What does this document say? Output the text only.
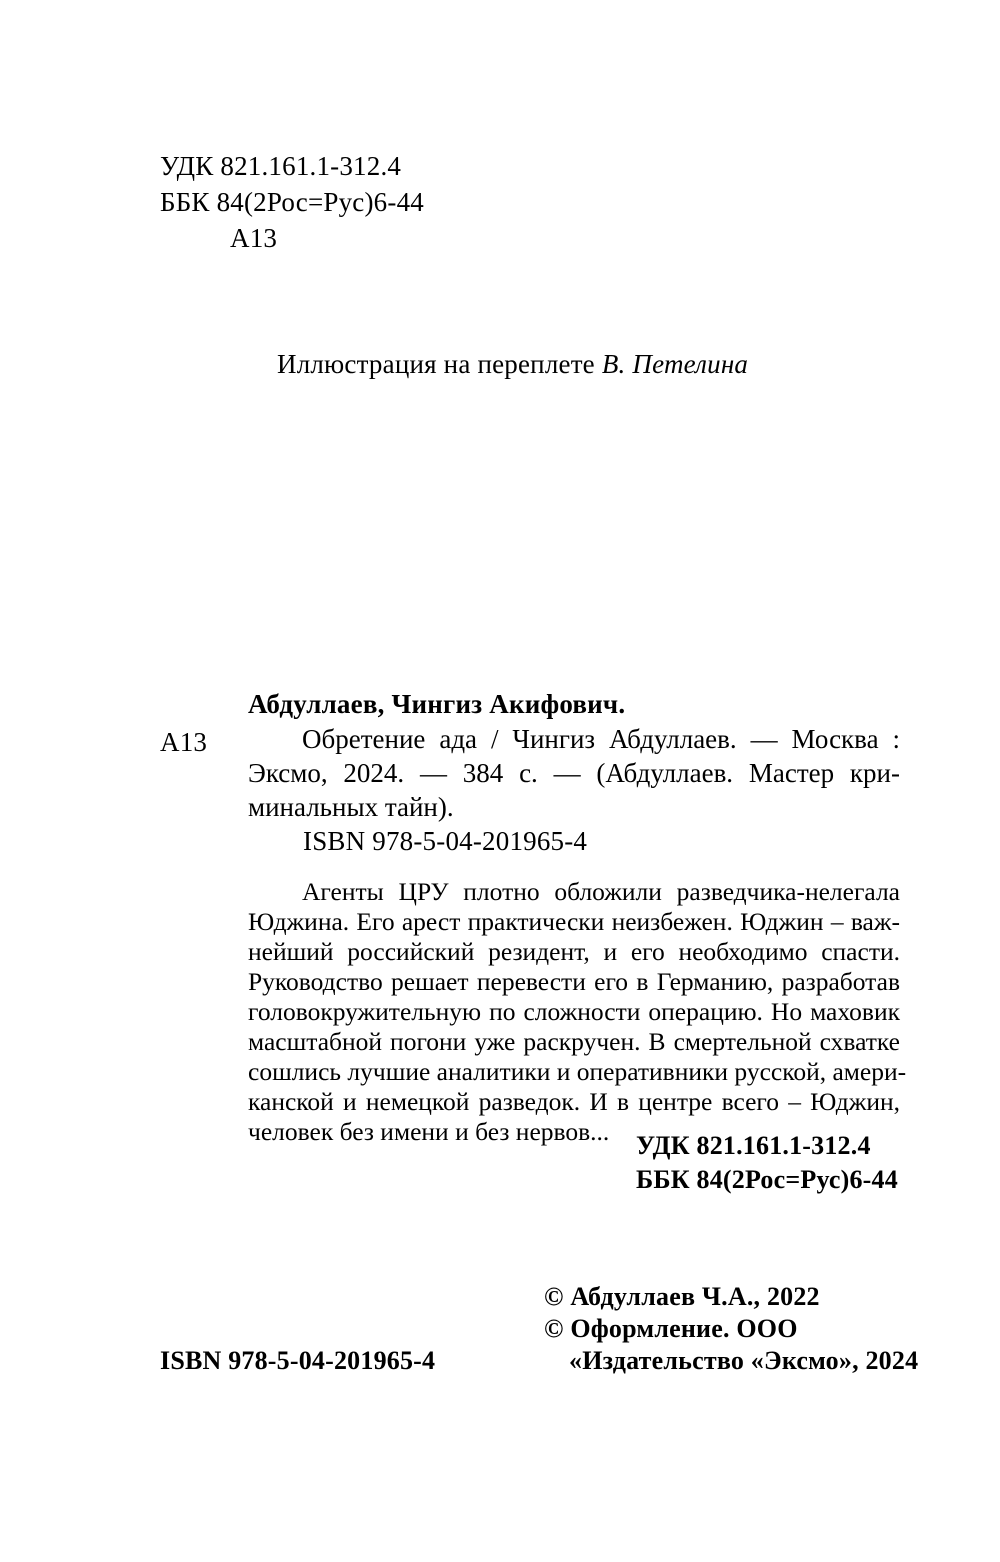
УДК 821.161.1-312.4
ББК 84(2Рос=Рус)6-44
А13
Иллюстрация на переплете В. Петелина
Абдуллаев, Чингиз Акифович.
А13	Обретение ада / Чингиз Абдуллаев. — Москва :
Эксмо, 2024. — 384 с. — (Абдуллаев. Мастер кри-
минальных тайн).
ISBN 978-5-04-201965-4
Агенты ЦРУ плотно обложили разведчика-нелегала
Юджина. Его арест практически неизбежен. Юджин – важ-
нейший российский резидент, и его необходимо спасти.
Руководство решает перевести его в Германию, разработав
головокружительную по сложности операцию. Но маховик
масштабной погони уже раскручен. В смертельной схватке
сошлись лучшие аналитики и оперативники русской, амери-
канской и немецкой разведок. И в центре всего – Юджин,
человек без имени и без нервов...	УДК 821.161.1-312.4
ББК 84(2Рос=Рус)6-44
© Абдуллаев Ч.А., 2022
© Оформление. ООО
«Издательство «Эксмо», 2024
ISBN 978-5-04-201965-4
